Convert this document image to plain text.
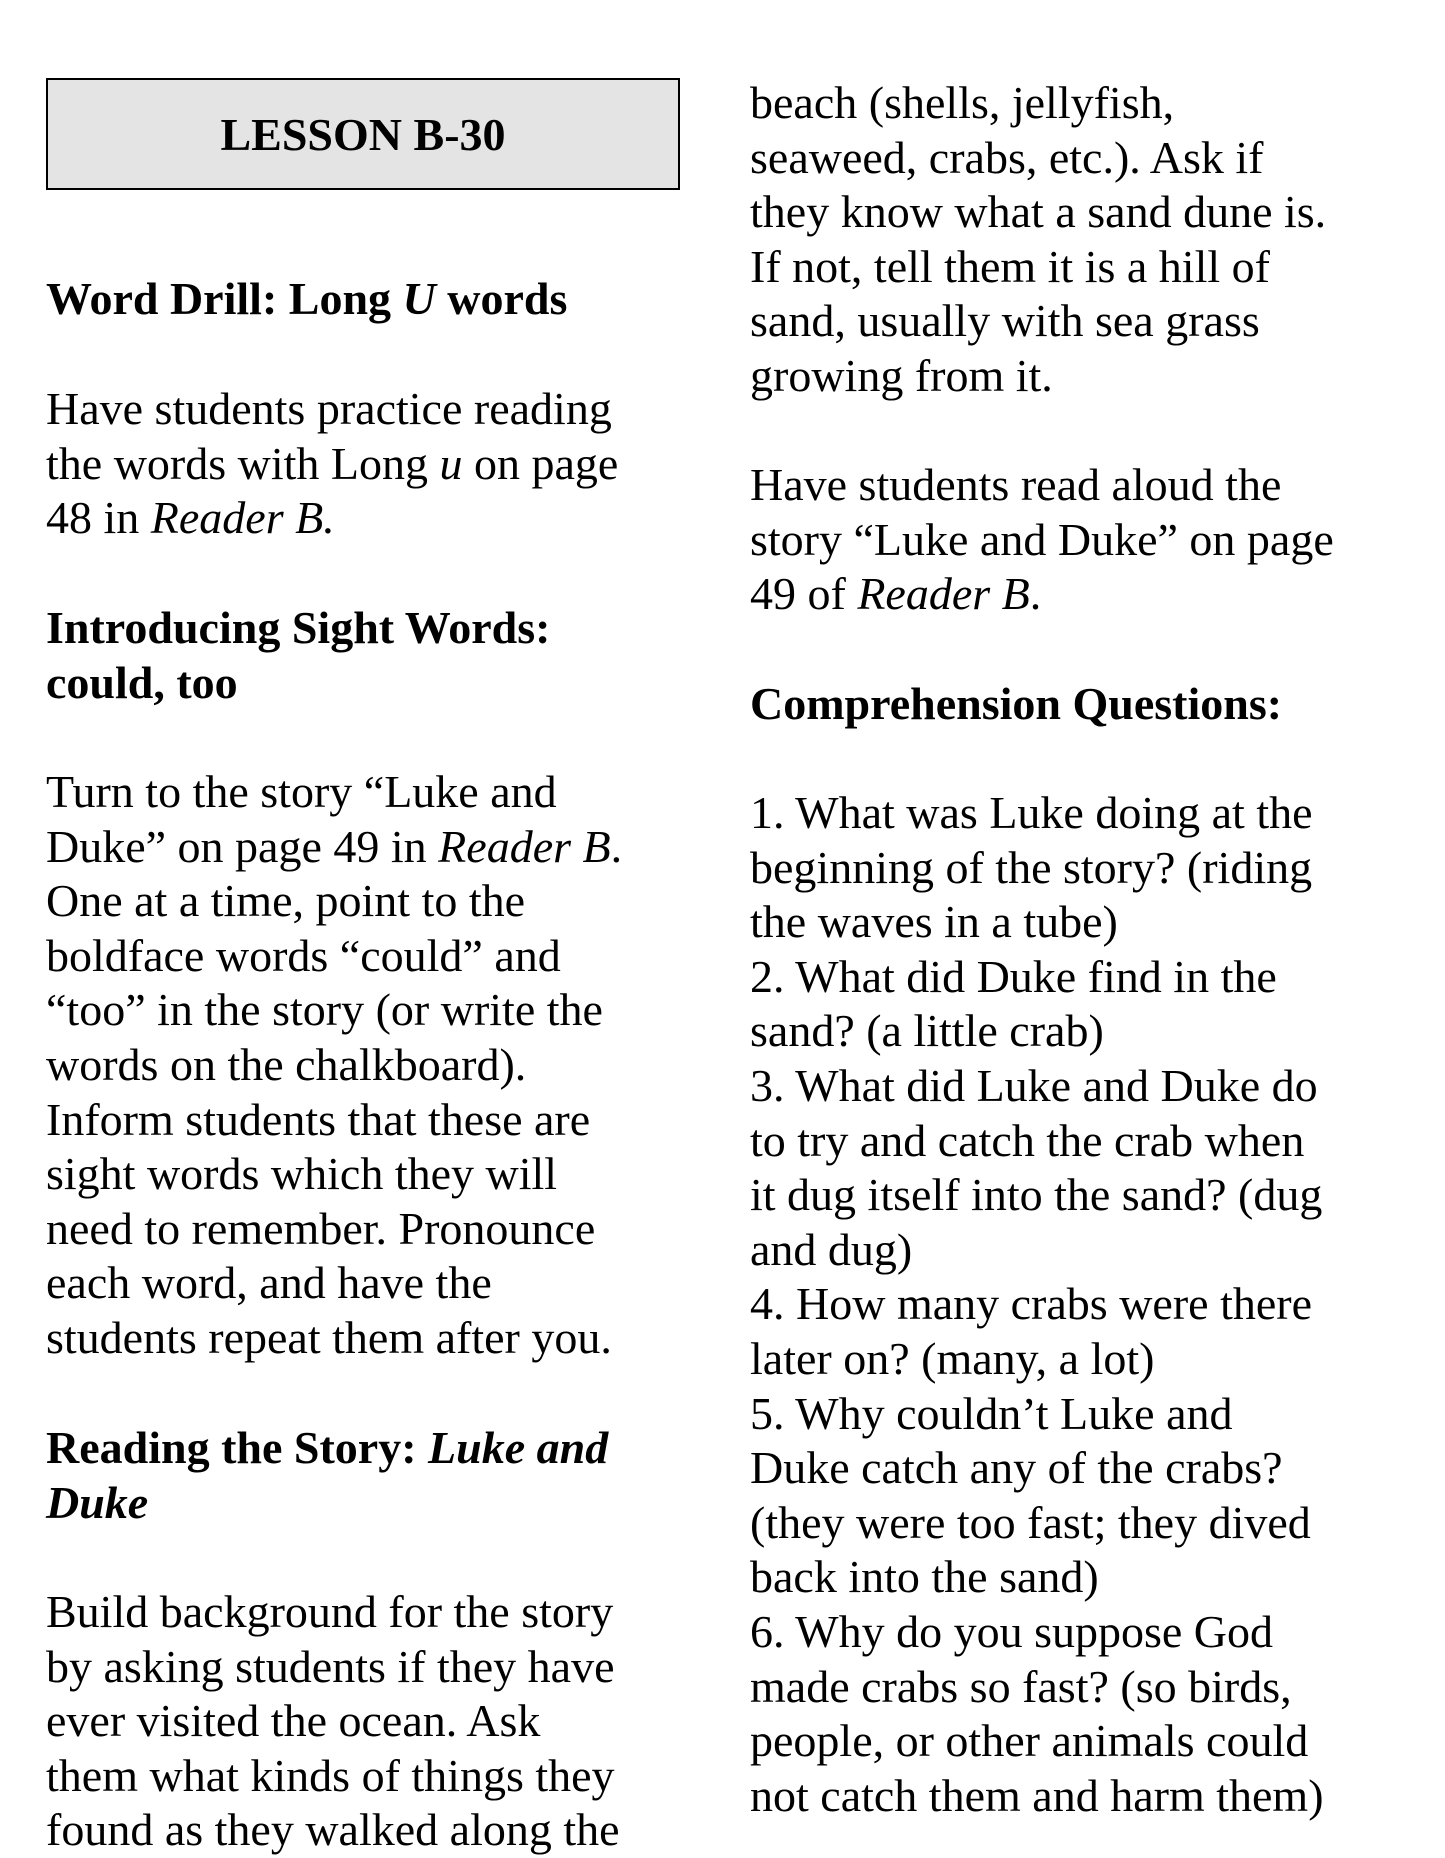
LESSON B-30
Word Drill: Long U words
Have students practice reading
the words with Long u on page
48 in Reader B.
Introducing Sight Words:
could, too
Turn to the story “Luke and
Duke” on page 49 in Reader B.
One at a time, point to the
boldface words “could” and
“too” in the story (or write the
words on the chalkboard).
Inform students that these are
sight words which they will
need to remember. Pronounce
each word, and have the
students repeat them after you.
Reading the Story: Luke and
Duke
Build background for the story
by asking students if they have
ever visited the ocean. Ask
them what kinds of things they
found as they walked along the
beach (shells, jellyfish,
seaweed, crabs, etc.). Ask if
they know what a sand dune is.
If not, tell them it is a hill of
sand, usually with sea grass
growing from it.
Have students read aloud the
story “Luke and Duke” on page
49 of Reader B.
Comprehension Questions:
1. What was Luke doing at the
beginning of the story? (riding
the waves in a tube)
2. What did Duke find in the
sand? (a little crab)
3. What did Luke and Duke do
to try and catch the crab when
it dug itself into the sand? (dug
and dug)
4. How many crabs were there
later on? (many, a lot)
5. Why couldn’t Luke and
Duke catch any of the crabs?
(they were too fast; they dived
back into the sand)
6. Why do you suppose God
made crabs so fast? (so birds,
people, or other animals could
not catch them and harm them)
